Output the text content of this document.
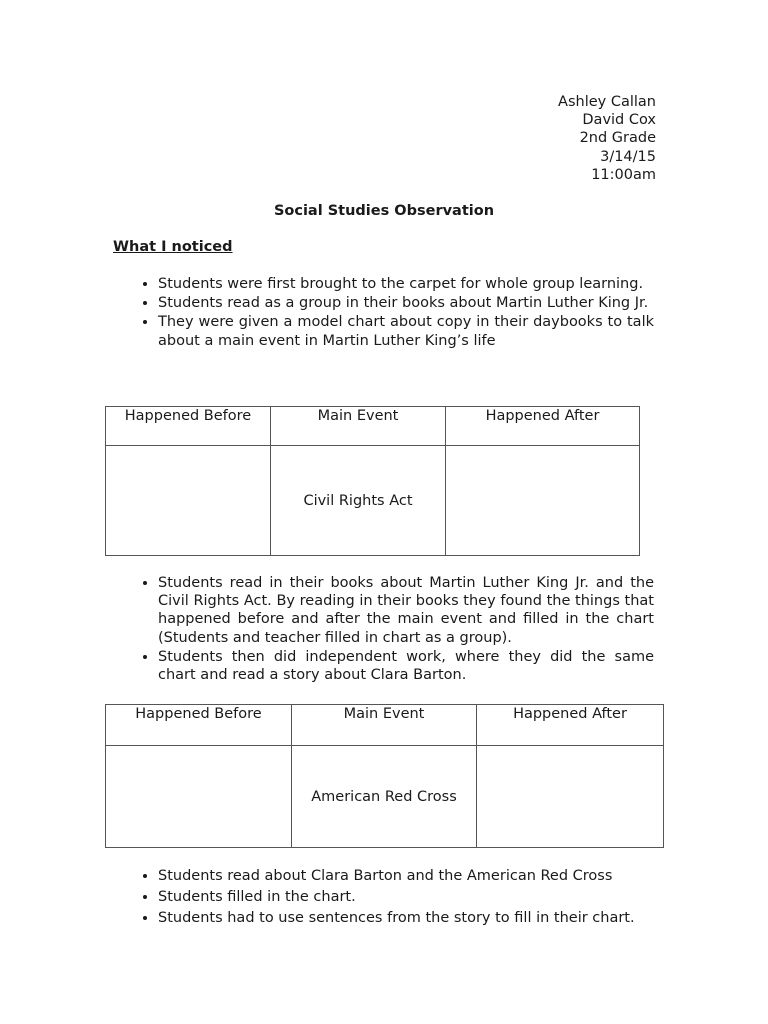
Ashley Callan
David Cox
2nd Grade
3/14/15
11:00am
Social Studies Observation
What I noticed
• Students were first brought to the carpet for whole group learning.
• Students read as a group in their books about Martin Luther King Jr.
• They were given a model chart about copy in their daybooks to talk about a main event in Martin Luther King’s life
Happened Before	Main Event	Happened After
	Civil Rights Act	
• Students read in their books about Martin Luther King Jr. and the Civil Rights Act. By reading in their books they found the things that happened before and after the main event and filled in the chart (Students and teacher filled in chart as a group).
• Students then did independent work, where they did the same chart and read a story about Clara Barton.
Happened Before	Main Event	Happened After
	American Red Cross	
• Students read about Clara Barton and the American Red Cross
• Students filled in the chart.
• Students had to use sentences from the story to fill in their chart.
